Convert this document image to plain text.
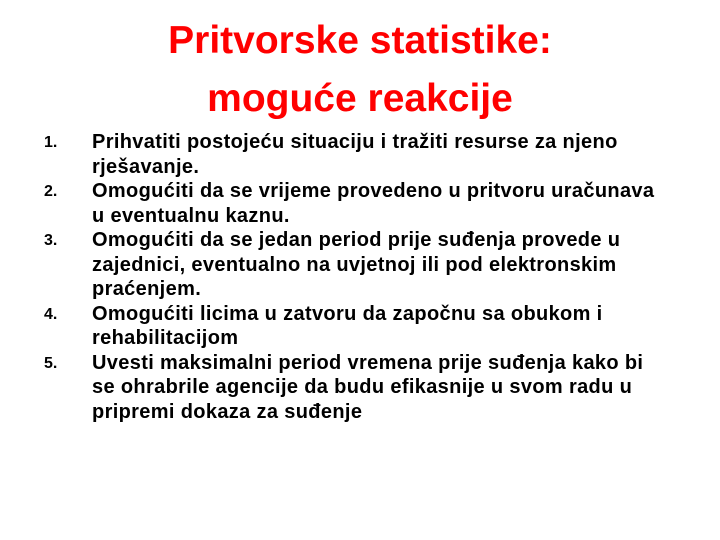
Pritvorske statistike:
moguće reakcije
1. Prihvatiti postojeću situaciju i tražiti resurse za njeno rješavanje.
2. Omogućiti da se vrijeme provedeno u pritvoru uračunava u eventualnu kaznu.
3. Omogućiti da se jedan period prije suđenja provede u zajednici, eventualno na uvjetnoj ili pod elektronskim praćenjem.
4. Omogućiti licima u zatvoru da započnu sa obukom i rehabilitacijom
5. Uvesti maksimalni period vremena prije suđenja kako bi se ohrabrile agencije da budu efikasnije u svom radu u pripremi dokaza za suđenje
